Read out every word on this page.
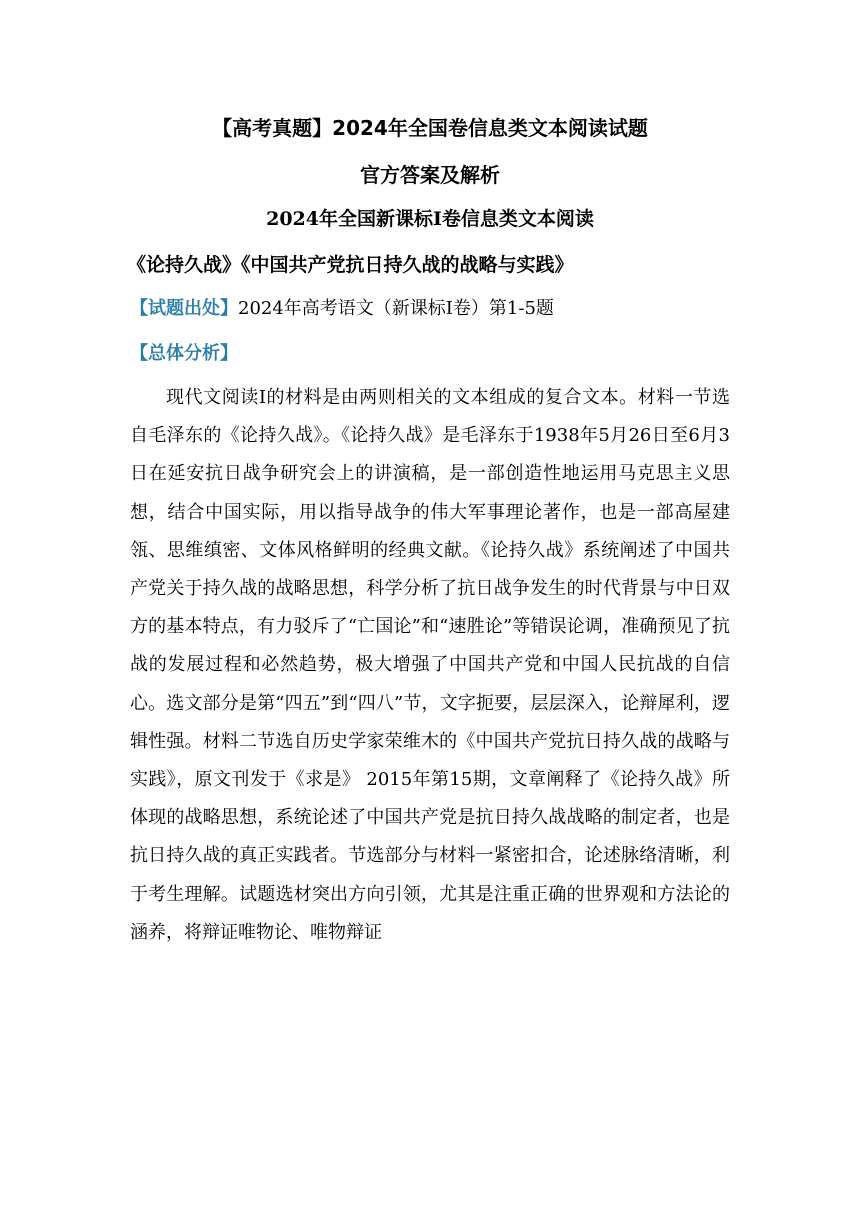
【高考真题】2024年全国卷信息类文本阅读试题
官方答案及解析
2024年全国新课标Ⅰ卷信息类文本阅读
《论持久战》《中国共产党抗日持久战的战略与实践》
【试题出处】2024年高考语文（新课标Ⅰ卷）第1-5题
【总体分析】

现代文阅读Ⅰ的材料是由两则相关的文本组成的复合文本。材料一节选自毛泽东的《论持久战》。《论持久战》是毛泽东于1938年5月26日至6月3日在延安抗日战争研究会上的讲演稿，是一部创造性地运用马克思主义思想，结合中国实际，用以指导战争的伟大军事理论著作，也是一部高屋建瓴、思维缜密、文体风格鲜明的经典文献。《论持久战》系统阐述了中国共产党关于持久战的战略思想，科学分析了抗日战争发生的时代背景与中日双方的基本特点，有力驳斥了“亡国论”和“速胜论”等错误论调，准确预见了抗战的发展过程和必然趋势，极大增强了中国共产党和中国人民抗战的自信心。选文部分是第“四五”到“四八”节，文字扼要，层层深入，论辩犀利，逻辑性强。材料二节选自历史学家荣维木的《中国共产党抗日持久战的战略与实践》，原文刊发于《求是》 2015年第15期，文章阐释了《论持久战》所体现的战略思想，系统论述了中国共产党是抗日持久战战略的制定者，也是抗日持久战的真正实践者。节选部分与材料一紧密扣合，论述脉络清晰，利于考生理解。试题选材突出方向引领，尤其是注重正确的世界观和方法论的涵养，将辩证唯物论、唯物辩证
